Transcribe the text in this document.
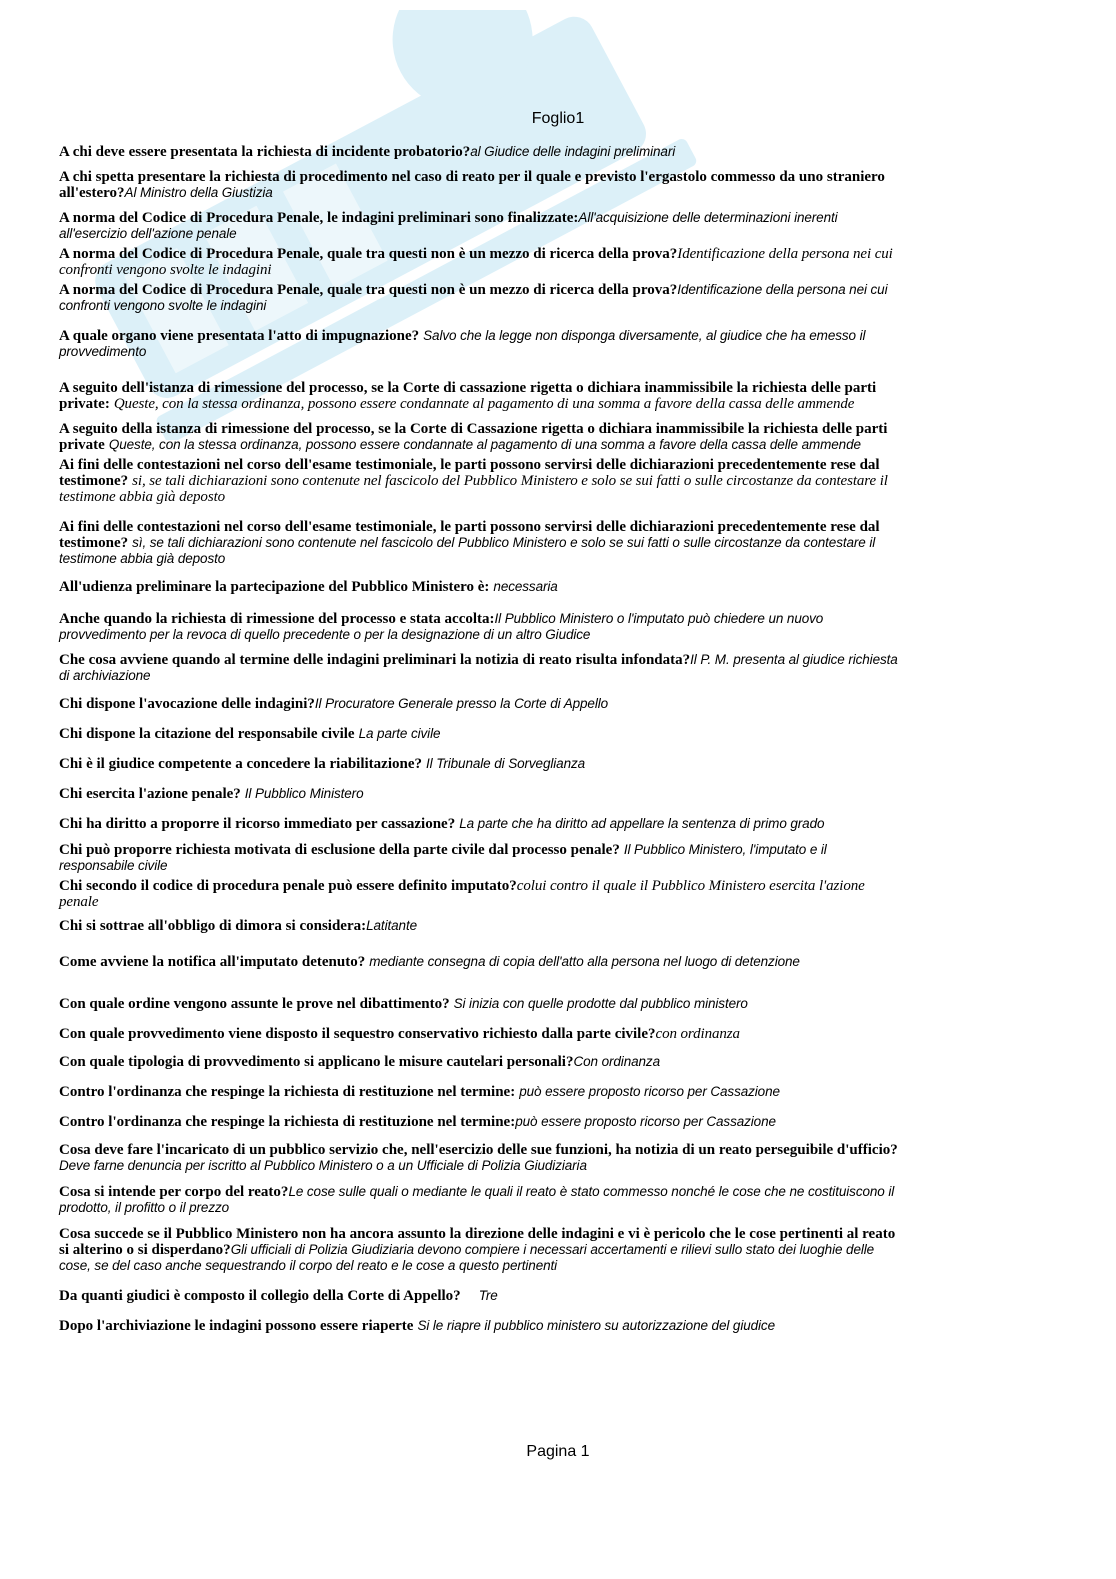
Foglio1
A chi deve essere presentata la richiesta di incidente probatorio?al Giudice delle indagini preliminari
A chi spetta presentare la richiesta di procedimento nel caso di reato per il quale e previsto l'ergastolo commesso da uno straniero all'estero?Al Ministro della Giustizia
A norma del Codice di Procedura Penale, le indagini preliminari sono finalizzate:All'acquisizione delle determinazioni inerenti all'esercizio dell'azione penale
A norma del Codice di Procedura Penale, quale tra questi non è un mezzo di ricerca della prova?Identificazione della persona nei cui confronti vengono svolte le indagini
A norma del Codice di Procedura Penale, quale tra questi non è un mezzo di ricerca della prova?Identificazione della persona nei cui confronti vengono svolte le indagini
A quale organo viene presentata l'atto di impugnazione? Salvo che la legge non disponga diversamente, al giudice che ha emesso il provvedimento
A seguito dell'istanza di rimessione del processo, se la Corte di cassazione rigetta o dichiara inammissibile la richiesta delle parti private: Queste, con la stessa ordinanza, possono essere condannate al pagamento di una somma a favore della cassa delle ammende
A seguito della istanza di rimessione del processo, se la Corte di Cassazione rigetta o dichiara inammissibile la richiesta delle parti private Queste, con la stessa ordinanza, possono essere condannate al pagamento di una somma a favore della cassa delle ammende
Ai fini delle contestazioni nel corso dell'esame testimoniale, le parti possono servirsi delle dichiarazioni precedentemente rese dal testimone? si, se tali dichiarazioni sono contenute nel fascicolo del Pubblico Ministero e solo se sui fatti o sulle circostanze da contestare il testimone abbia già deposto
Ai fini delle contestazioni nel corso dell'esame testimoniale, le parti possono servirsi delle dichiarazioni precedentemente rese dal testimone? sì, se tali dichiarazioni sono contenute nel fascicolo del Pubblico Ministero e solo se sui fatti o sulle circostanze da contestare il testimone abbia già deposto
All'udienza preliminare la partecipazione del Pubblico Ministero è: necessaria
Anche quando la richiesta di rimessione del processo e stata accolta:Il Pubblico Ministero o l'imputato può chiedere un nuovo provvedimento per la revoca di quello precedente o per la designazione di un altro Giudice
Che cosa avviene quando al termine delle indagini preliminari la notizia di reato risulta infondata?Il P. M. presenta al giudice richiesta di archiviazione
Chi dispone l'avocazione delle indagini?Il Procuratore Generale presso la Corte di Appello
Chi dispone la citazione del responsabile civile La parte civile
Chi è il giudice competente a concedere la riabilitazione? Il Tribunale di Sorveglianza
Chi esercita l'azione penale? Il Pubblico Ministero
Chi ha diritto a proporre il ricorso immediato per cassazione? La parte che ha diritto ad appellare la sentenza di primo grado
Chi può proporre richiesta motivata di esclusione della parte civile dal processo penale? Il Pubblico Ministero, l'imputato e il responsabile civile
Chi secondo il codice di procedura penale può essere definito imputato?colui contro il quale il Pubblico Ministero esercita l'azione penale
Chi si sottrae all'obbligo di dimora si considera:Latitante
Come avviene la notifica all'imputato detenuto? mediante consegna di copia dell'atto alla persona nel luogo di detenzione
Con quale ordine vengono assunte le prove nel dibattimento? Si inizia con quelle prodotte dal pubblico ministero
Con quale provvedimento viene disposto il sequestro conservativo richiesto dalla parte civile?con ordinanza
Con quale tipologia di provvedimento si applicano le misure cautelari personali?Con ordinanza
Contro l'ordinanza che respinge la richiesta di restituzione nel termine: può essere proposto ricorso per Cassazione
Contro l'ordinanza che respinge la richiesta di restituzione nel termine:può essere proposto ricorso per Cassazione
Cosa deve fare l'incaricato di un pubblico servizio che, nell'esercizio delle sue funzioni, ha notizia di un reato perseguibile d'ufficio?Deve farne denuncia per iscritto al Pubblico Ministero o a un Ufficiale di Polizia Giudiziaria
Cosa si intende per corpo del reato?Le cose sulle quali o mediante le quali il reato è stato commesso nonché le cose che ne costituiscono il prodotto, il profitto o il prezzo
Cosa succede se il Pubblico Ministero non ha ancora assunto la direzione delle indagini e vi è pericolo che le cose pertinenti al reato si alterino o si disperdano?Gli ufficiali di Polizia Giudiziaria devono compiere i necessari accertamenti e rilievi sullo stato dei luoghie delle cose, se del caso anche sequestrando il corpo del reato e le cose a questo pertinenti
Da quanti giudici è composto il collegio della Corte di Appello? Tre
Dopo l'archiviazione le indagini possono essere riaperte Si le riapre il pubblico ministero su autorizzazione del giudice
Pagina 1
